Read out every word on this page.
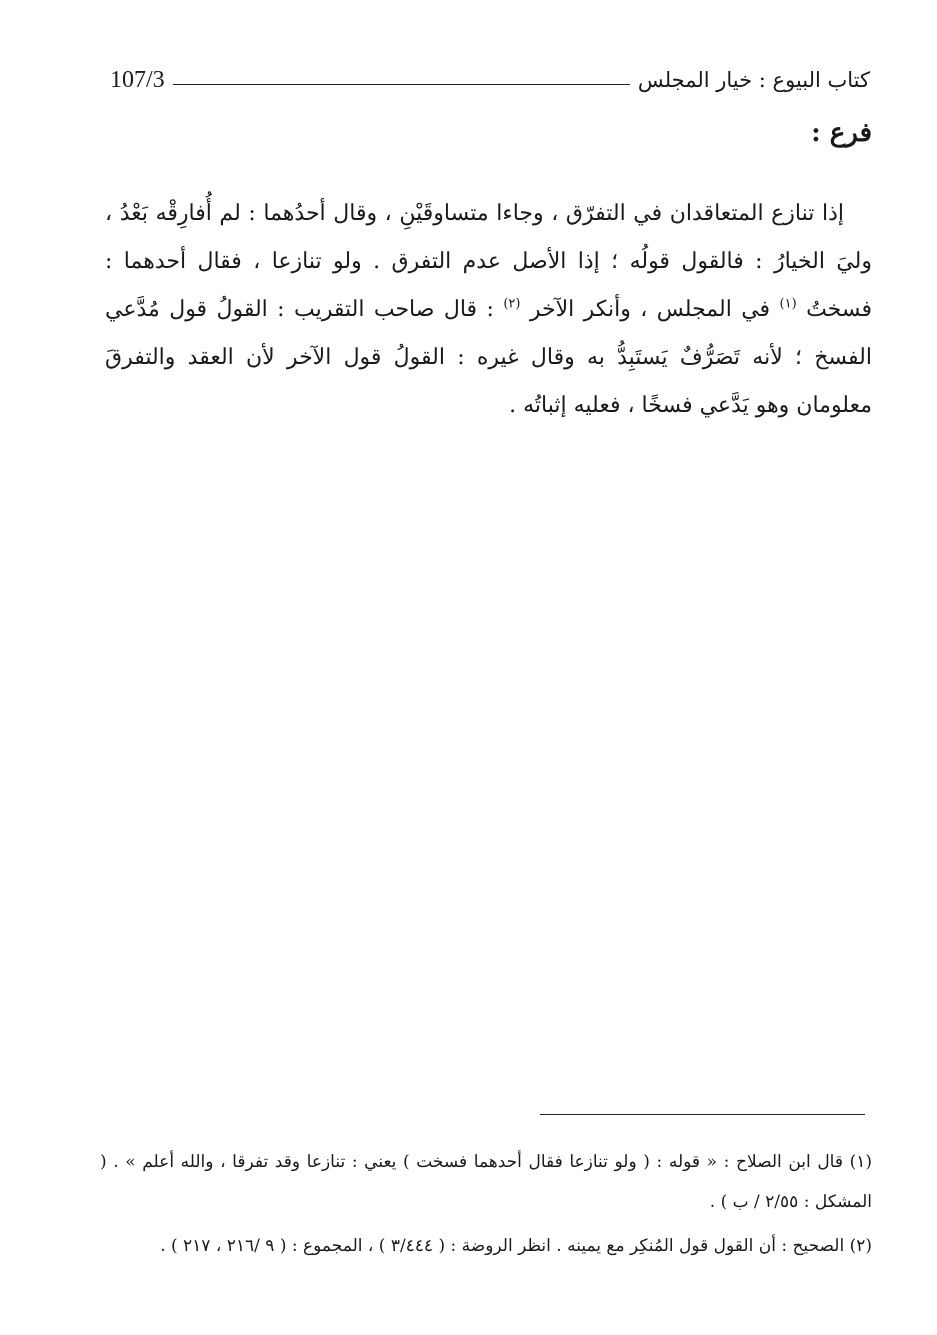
كتاب البيوع : خيار المجلس
107/3
فرع :

إذا تنازع المتعاقدان في التفرّق ، وجاءا متساوقَيْنِ ، وقال أحدُهما : لم أُفارِقْه بَعْدُ ، وليَ الخيارُ : فالقول قولُه ؛ إذا الأصل عدم التفرق . ولو تنازعا ، فقال أحدهما : فسختُ $^{(١)}$ في المجلس ، وأنكر الآخر $^{(٢)}$ : قال صاحب التقريب : القولُ قول مُدَّعي الفسخ ؛ لأنه تَصَرُّفٌ يَستَبِدُّ به وقال غيره : القولُ قول الآخر لأن العقد والتفرقَ معلومان وهو يَدَّعي فسخًا ، فعليه إثباتُه .

(١) قال ابن الصلاح : « قوله : ( ولو تنازعا فقال أحدهما فسخت ) يعني : تنازعا وقد تفرقا ، والله أعلم » . ( المشكل : ٢/٥٥ / ب ) .

(٢) الصحيح : أن القول قول المُنكِر مع يمينه . انظر الروضة : ( ٣/٤٤٤ ) ، المجموع : ( ٩ /٢١٦ ، ٢١٧ ) .
